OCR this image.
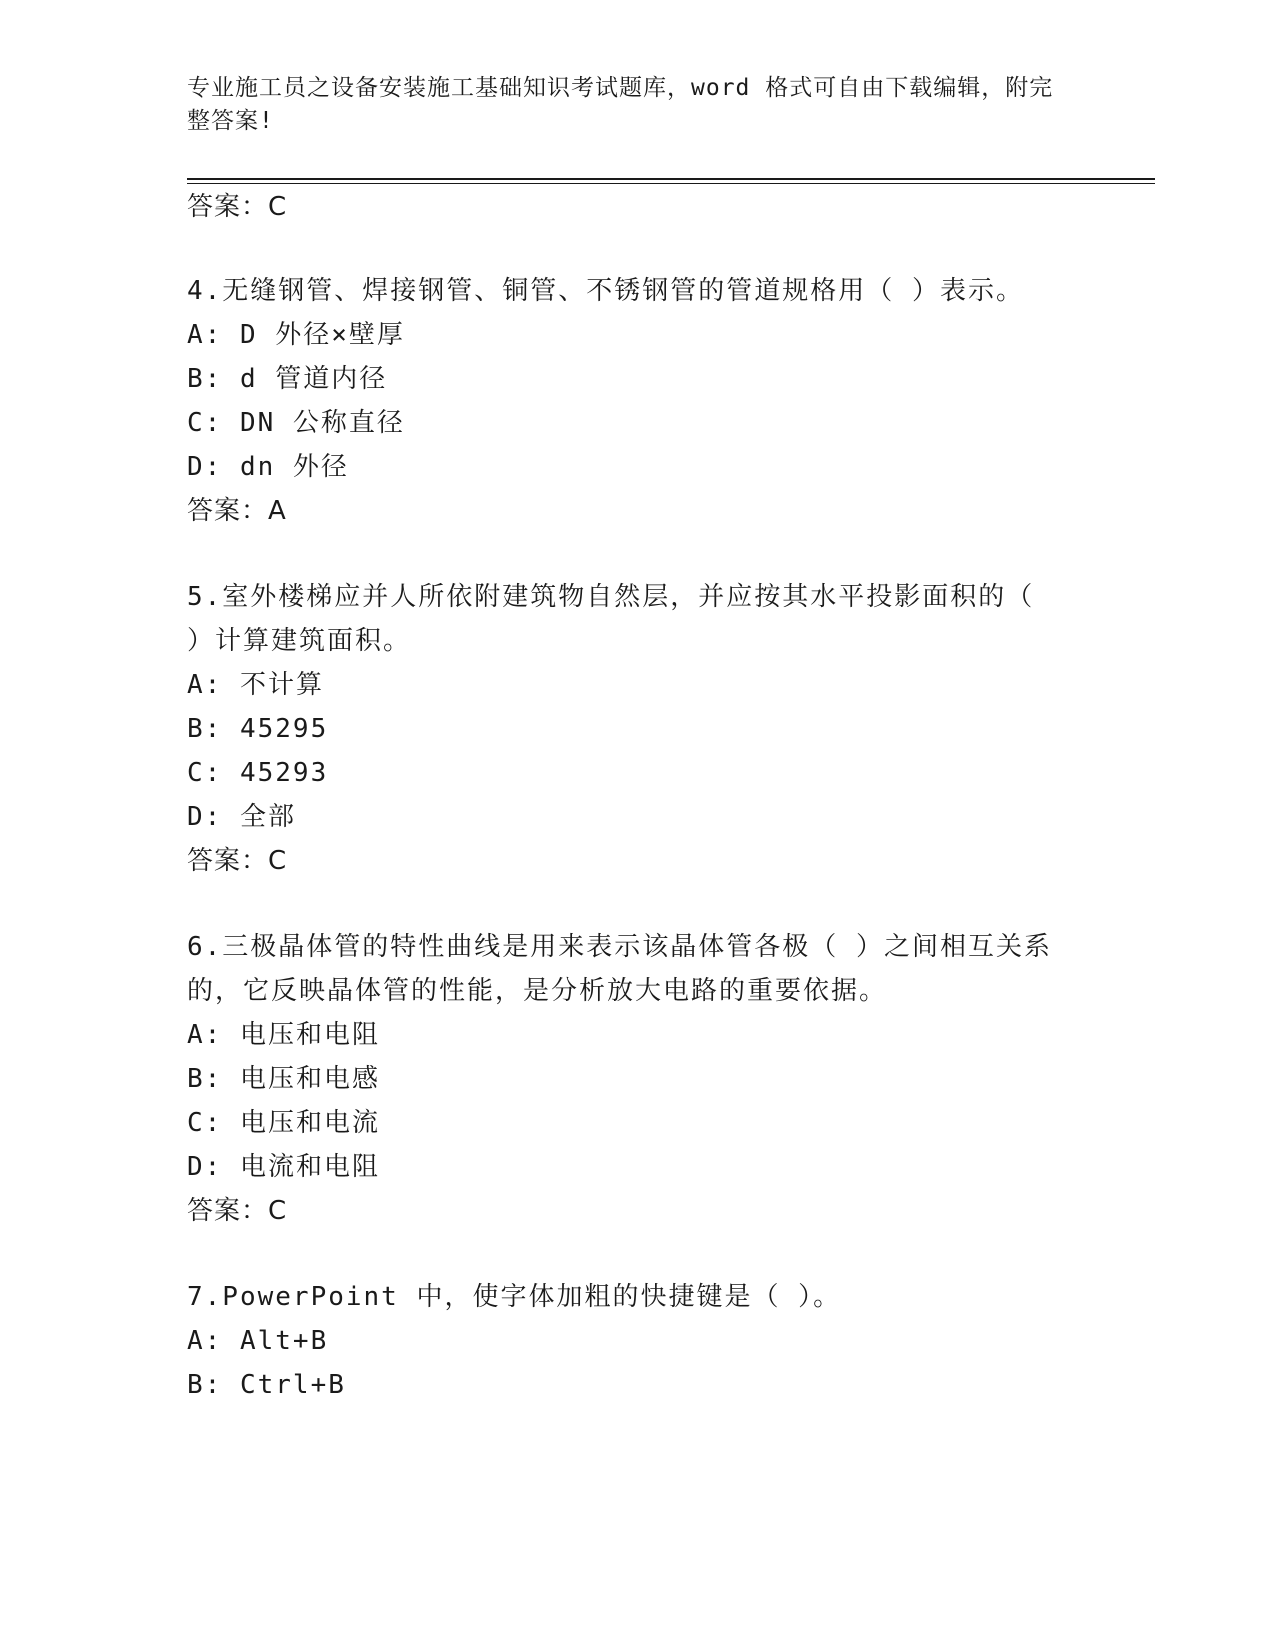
专业施工员之设备安装施工基础知识考试题库，word 格式可自由下载编辑，附完
整答案!
答案：C
4.无缝钢管、焊接钢管、铜管、不锈钢管的管道规格用（ ）表示。
A: D 外径×壁厚
B: d 管道内径
C: DN 公称直径
D: dn 外径
答案：A
5.室外楼梯应并人所依附建筑物自然层，并应按其水平投影面积的（
）计算建筑面积。
A: 不计算
B: 45295
C: 45293
D: 全部
答案：C
6.三极晶体管的特性曲线是用来表示该晶体管各极（ ）之间相互关系
的，它反映晶体管的性能，是分析放大电路的重要依据。
A: 电压和电阻
B: 电压和电感
C: 电压和电流
D: 电流和电阻
答案：C
7.PowerPoint 中，使字体加粗的快捷键是（ ）。
A: Alt+B
B: Ctrl+B
